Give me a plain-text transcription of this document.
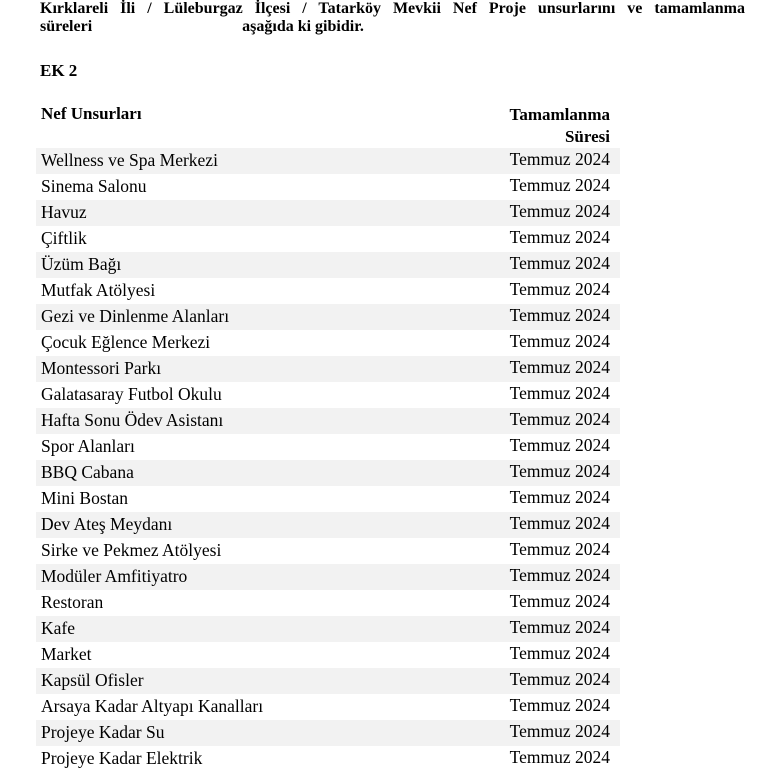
Kırklareli İli / Lüleburgaz İlçesi / Tatarköy Mevkii Nef Proje unsurlarını ve tamamlanma
süreleri	aşağıda ki gibidir.
EK 2
Nef Unsurları	Tamamlanma
Süresi
Wellness ve Spa Merkezi	Temmuz 2024
Sinema Salonu	Temmuz 2024
Havuz	Temmuz 2024
Çiftlik	Temmuz 2024
Üzüm Bağı	Temmuz 2024
Mutfak Atölyesi	Temmuz 2024
Gezi ve Dinlenme Alanları	Temmuz 2024
Çocuk Eğlence Merkezi	Temmuz 2024
Montessori Parkı	Temmuz 2024
Galatasaray Futbol Okulu	Temmuz 2024
Hafta Sonu Ödev Asistanı	Temmuz 2024
Spor Alanları	Temmuz 2024
BBQ Cabana	Temmuz 2024
Mini Bostan	Temmuz 2024
Dev Ateş Meydanı	Temmuz 2024
Sirke ve Pekmez Atölyesi	Temmuz 2024
Modüler Amfitiyatro	Temmuz 2024
Restoran	Temmuz 2024
Kafe	Temmuz 2024
Market	Temmuz 2024
Kapsül Ofisler	Temmuz 2024
Arsaya Kadar Altyapı Kanalları	Temmuz 2024
Projeye Kadar Su	Temmuz 2024
Projeye Kadar Elektrik	Temmuz 2024
